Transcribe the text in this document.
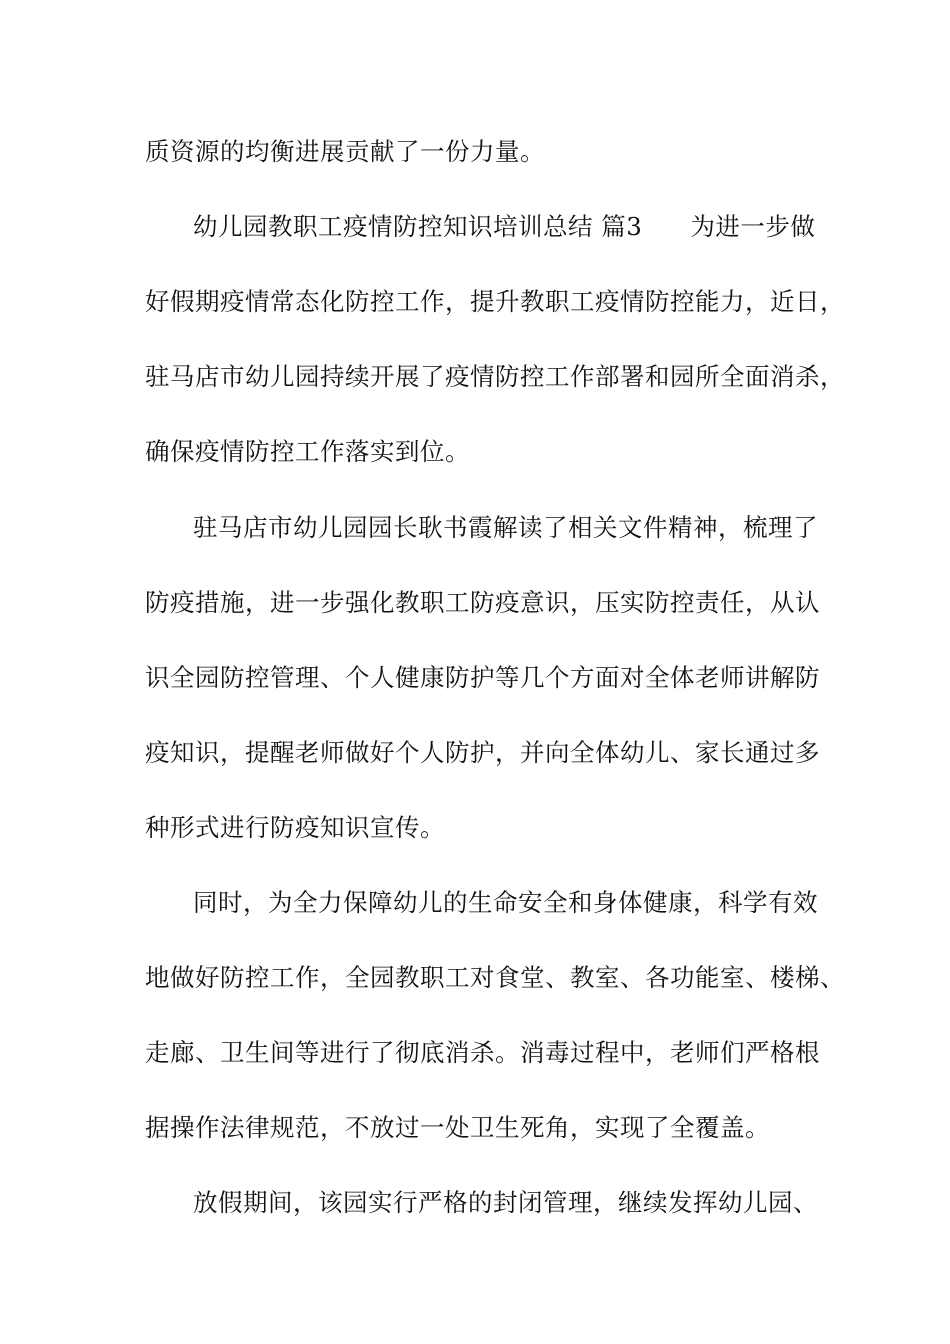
质资源的均衡进展贡献了一份力量。
幼儿园教职工疫情防控知识培训总结 篇3 为进一步做
好假期疫情常态化防控工作，提升教职工疫情防控能力，近日，
驻马店市幼儿园持续开展了疫情防控工作部署和园所全面消杀，
确保疫情防控工作落实到位。
驻马店市幼儿园园长耿书霞解读了相关文件精神，梳理了
防疫措施，进一步强化教职工防疫意识，压实防控责任，从认
识全园防控管理、个人健康防护等几个方面对全体老师讲解防
疫知识，提醒老师做好个人防护，并向全体幼儿、家长通过多
种形式进行防疫知识宣传。
同时，为全力保障幼儿的生命安全和身体健康，科学有效
地做好防控工作，全园教职工对食堂、教室、各功能室、楼梯、
走廊、卫生间等进行了彻底消杀。消毒过程中，老师们严格根
据操作法律规范，不放过一处卫生死角，实现了全覆盖。
放假期间，该园实行严格的封闭管理，继续发挥幼儿园、
